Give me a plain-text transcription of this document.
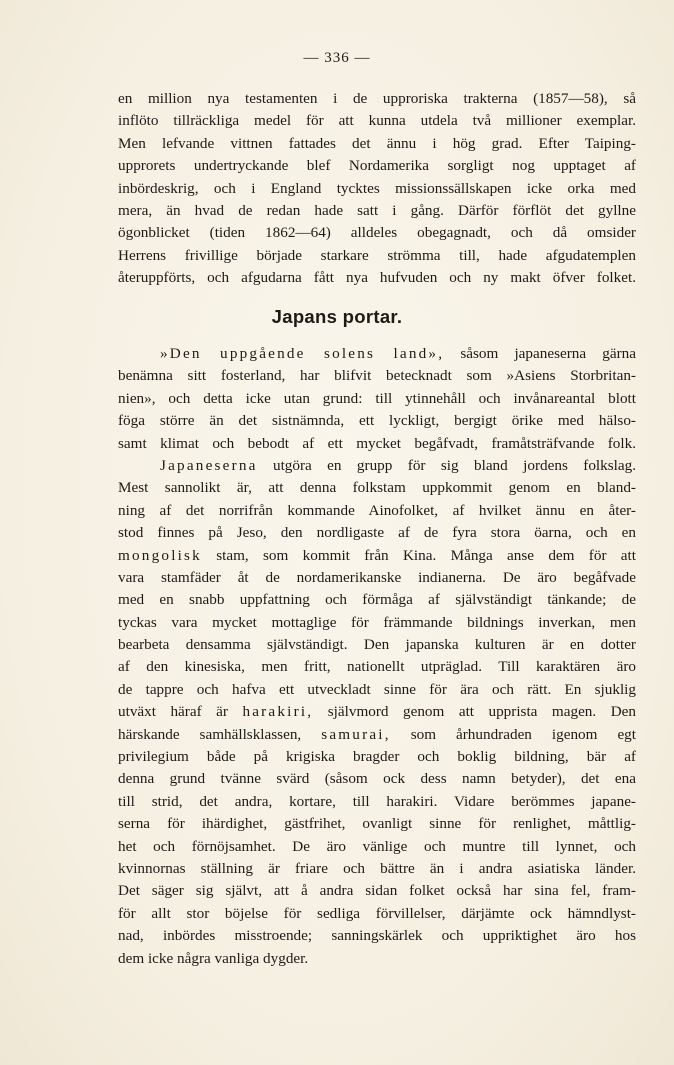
— 336 —
en million nya testamenten i de upproriska trakterna (1857—58), så
inflöto tillräckliga medel för att kunna utdela två millioner exemplar.
Men lefvande vittnen fattades det ännu i hög grad. Efter Taiping-
upprorets undertryckande blef Nordamerika sorgligt nog upptaget af
inbördeskrig, och i England tycktes missionssällskapen icke orka med
mera, än hvad de redan hade satt i gång. Därför förflöt det gyllne
ögonblicket (tiden 1862—64) alldeles obegagnadt, och då omsider
Herrens frivillige började starkare strömma till, hade afgudatemplen
återuppförts, och afgudarna fått nya hufvuden och ny makt öfver folket.
Japans portar.
»Den uppgående solens land», såsom japaneserna gärna
benämna sitt fosterland, har blifvit betecknadt som »Asiens Storbritan-
nien», och detta icke utan grund: till ytinnehåll och invånareantal blott
föga större än det sistnämnda, ett lyckligt, bergigt örike med hälso-
samt klimat och bebodt af ett mycket begåfvadt, framåtsträfvande folk.
Japaneserna utgöra en grupp för sig bland jordens folkslag.
Mest sannolikt är, att denna folkstam uppkommit genom en bland-
ning af det norrifrån kommande Ainofolket, af hvilket ännu en åter-
stod finnes på Jeso, den nordligaste af de fyra stora öarna, och en
mongolisk stam, som kommit från Kina. Många anse dem för att
vara stamfäder åt de nordamerikanske indianerna. De äro begåfvade
med en snabb uppfattning och förmåga af självständigt tänkande; de
tyckas vara mycket mottaglige för främmande bildnings inverkan, men
bearbeta densamma självständigt. Den japanska kulturen är en dotter
af den kinesiska, men fritt, nationellt utpräglad. Till karaktären äro
de tappre och hafva ett utveckladt sinne för ära och rätt. En sjuklig
utväxt häraf är harakiri, självmord genom att upprista magen. Den
härskande samhällsklassen, samurai, som århundraden igenom egt
privilegium både på krigiska bragder och boklig bildning, bär af
denna grund tvänne svärd (såsom ock dess namn betyder), det ena
till strid, det andra, kortare, till harakiri. Vidare berömmes japane-
serna för ihärdighet, gästfrihet, ovanligt sinne för renlighet, måttlig-
het och förnöjsamhet. De äro vänlige och muntre till lynnet, och
kvinnornas ställning är friare och bättre än i andra asiatiska länder.
Det säger sig självt, att å andra sidan folket också har sina fel, fram-
för allt stor böjelse för sedliga förvillelser, därjämte ock hämndlyst-
nad, inbördes misstroende; sanningskärlek och uppriktighet äro hos
dem icke några vanliga dygder.
